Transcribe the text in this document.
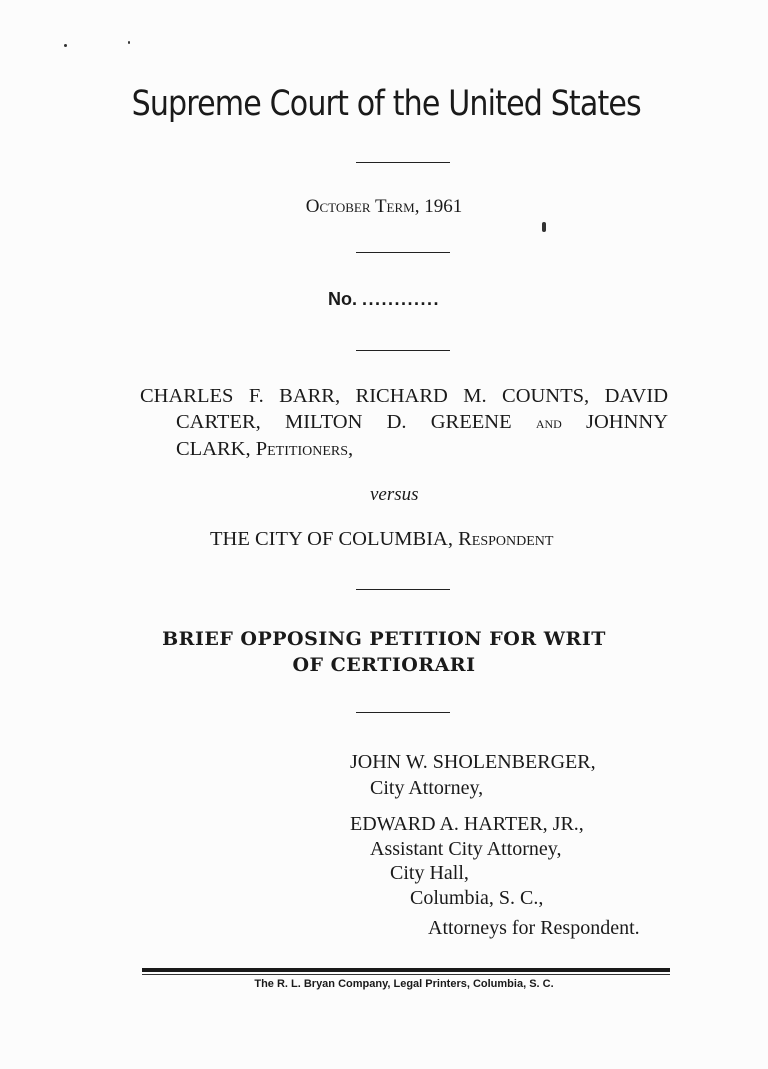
Supreme Court of the United States
October Term, 1961
No. ............
CHARLES F. BARR, RICHARD M. COUNTS, DAVID
CARTER, MILTON D. GREENE and JOHNNY
CLARK, Petitioners,
versus
THE CITY OF COLUMBIA, Respondent
BRIEF OPPOSING PETITION FOR WRIT
OF CERTIORARI
JOHN W. SHOLENBERGER,
City Attorney,
EDWARD A. HARTER, JR.,
Assistant City Attorney,
City Hall,
Columbia, S. C.,
Attorneys for Respondent.
The R. L. Bryan Company, Legal Printers, Columbia, S. C.
